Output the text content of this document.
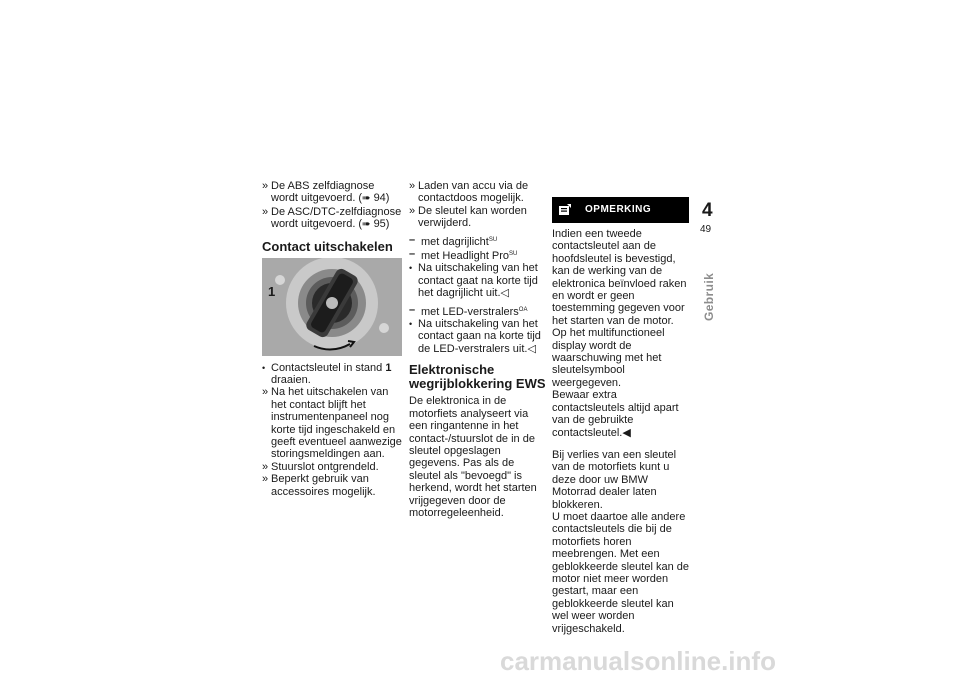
» De ABS zelfdiagnose wordt uitgevoerd. (➠ 94)
» De ASC/DTC-zelfdiagnose wordt uitgevoerd. (➠ 95)
Contact uitschakelen
1
• Contactsleutel in stand 1 draaien.
» Na het uitschakelen van het contact blijft het instrumentenpaneel nog korte tijd ingeschakeld en geeft eventueel aanwezige storingsmeldingen aan.
» Stuurslot ontgrendeld.
» Beperkt gebruik van accessoires mogelijk.
» Laden van accu via de contactdoos mogelijk.
» De sleutel kan worden verwijderd.
– met dagrijlicht$^{SU}$
– met Headlight Pro$^{SU}$
• Na uitschakeling van het contact gaat na korte tijd het dagrijlicht uit.◁
– met LED-verstralers$^{OA}$
• Na uitschakeling van het contact gaan na korte tijd de LED-verstralers uit.◁
Elektronische wegrijblokkering EWS

De elektronica in de motorfiets analyseert via een ringantenne in het contact-/stuurslot de in de sleutel opgeslagen gegevens. Pas als de sleutel als "bevoegd" is herkend, wordt het starten vrijgegeven door de motorregeleenheid.

OPMERKING

Indien een tweede contactsleutel aan de hoofdsleutel is bevestigd, kan de werking van de elektronica beïnvloed raken en wordt er geen toestemming gegeven voor het starten van de motor. Op het multifunctioneel display wordt de waarschuwing met het sleutelsymbool weergegeven.

Bewaar extra contactsleutels altijd apart van de gebruikte contactsleutel.◀

Bij verlies van een sleutel van de motorfiets kunt u deze door uw BMW Motorrad dealer laten blokkeren.

U moet daartoe alle andere contactsleutels die bij de motorfiets horen meebrengen. Met een geblokkeerde sleutel kan de motor niet meer worden gestart, maar een geblokkeerde sleutel kan wel weer worden vrijgeschakeld.

4
49
Gebruik
carmanualsonline.info
